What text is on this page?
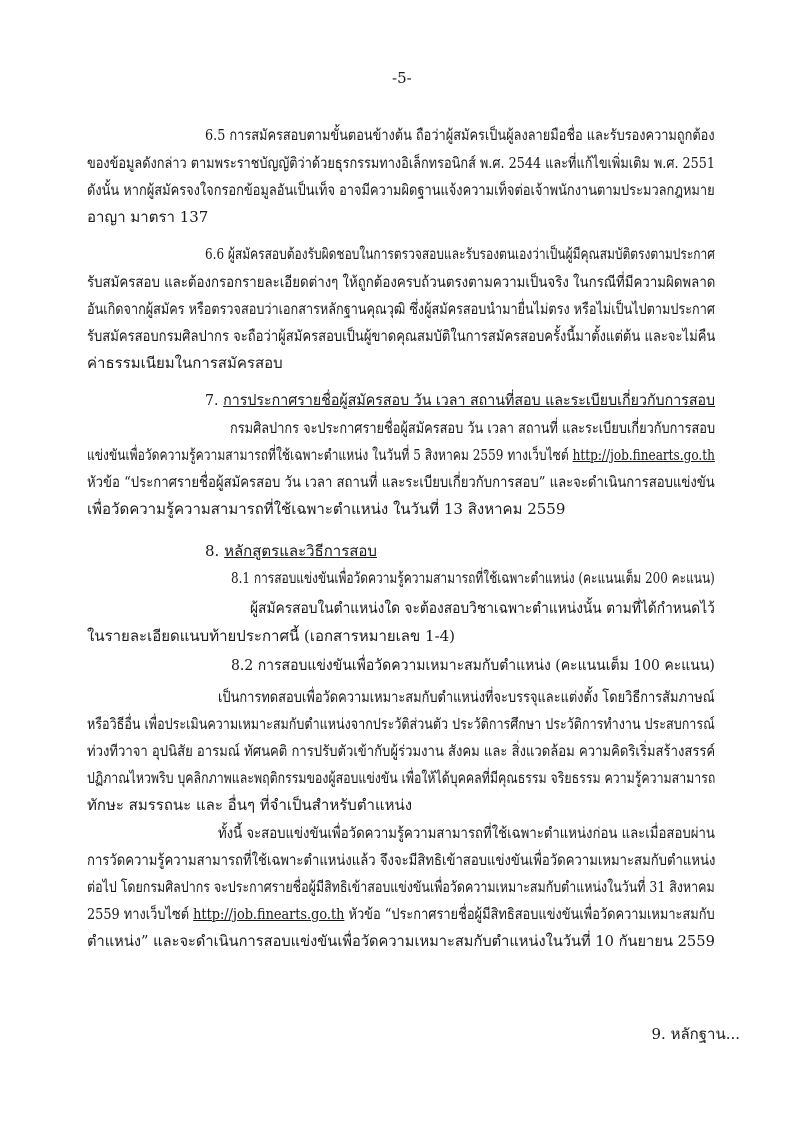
-5-
6.5 การสมัครสอบตามขั้นตอนข้างต้น ถือว่าผู้สมัครเป็นผู้ลงลายมือชื่อ และรับรองความถูกต้อง
ของข้อมูลดังกล่าว ตามพระราชบัญญัติว่าด้วยธุรกรรมทางอิเล็กทรอนิกส์ พ.ศ. 2544 และที่แก้ไขเพิ่มเติม พ.ศ. 2551
ดังนั้น หากผู้สมัครจงใจกรอกข้อมูลอันเป็นเท็จ อาจมีความผิดฐานแจ้งความเท็จต่อเจ้าพนักงานตามประมวลกฎหมาย
อาญา มาตรา 137
6.6 ผู้สมัครสอบต้องรับผิดชอบในการตรวจสอบและรับรองตนเองว่าเป็นผู้มีคุณสมบัติตรงตามประกาศ
รับสมัครสอบ และต้องกรอกรายละเอียดต่างๆ ให้ถูกต้องครบถ้วนตรงตามความเป็นจริง ในกรณีที่มีความผิดพลาด
อันเกิดจากผู้สมัคร หรือตรวจสอบว่าเอกสารหลักฐานคุณวุฒิ ซึ่งผู้สมัครสอบนำมายื่นไม่ตรง หรือไม่เป็นไปตามประกาศ
รับสมัครสอบกรมศิลปากร จะถือว่าผู้สมัครสอบเป็นผู้ขาดคุณสมบัติในการสมัครสอบครั้งนี้มาตั้งแต่ต้น และจะไม่คืน
ค่าธรรมเนียมในการสมัครสอบ
7. การประกาศรายชื่อผู้สมัครสอบ วัน เวลา สถานที่สอบ และระเบียบเกี่ยวกับการสอบ
กรมศิลปากร จะประกาศรายชื่อผู้สมัครสอบ วัน เวลา สถานที่ และระเบียบเกี่ยวกับการสอบ
แข่งขันเพื่อวัดความรู้ความสามารถที่ใช้เฉพาะตำแหน่ง ในวันที่ 5 สิงหาคม 2559 ทางเว็บไซต์ http://job.finearts.go.th
หัวข้อ “ประกาศรายชื่อผู้สมัครสอบ วัน เวลา สถานที่ และระเบียบเกี่ยวกับการสอบ” และจะดำเนินการสอบแข่งขัน
เพื่อวัดความรู้ความสามารถที่ใช้เฉพาะตำแหน่ง ในวันที่ 13 สิงหาคม 2559
8. หลักสูตรและวิธีการสอบ
8.1 การสอบแข่งขันเพื่อวัดความรู้ความสามารถที่ใช้เฉพาะตำแหน่ง (คะแนนเต็ม 200 คะแนน)
ผู้สมัครสอบในตำแหน่งใด จะต้องสอบวิชาเฉพาะตำแหน่งนั้น ตามที่ได้กำหนดไว้
ในรายละเอียดแนบท้ายประกาศนี้ (เอกสารหมายเลข 1-4)
8.2 การสอบแข่งขันเพื่อวัดความเหมาะสมกับตำแหน่ง (คะแนนเต็ม 100 คะแนน)
เป็นการทดสอบเพื่อวัดความเหมาะสมกับตำแหน่งที่จะบรรจุและแต่งตั้ง โดยวิธีการสัมภาษณ์
หรือวิธีอื่น เพื่อประเมินความเหมาะสมกับตำแหน่งจากประวัติส่วนตัว ประวัติการศึกษา ประวัติการทำงาน ประสบการณ์
ท่วงทีวาจา อุปนิสัย อารมณ์ ทัศนคติ การปรับตัวเข้ากับผู้ร่วมงาน สังคม และ สิ่งแวดล้อม ความคิดริเริ่มสร้างสรรค์
ปฏิภาณไหวพริบ บุคลิกภาพและพฤติกรรมของผู้สอบแข่งขัน เพื่อให้ได้บุคคลที่มีคุณธรรม จริยธรรม ความรู้ความสามารถ
ทักษะ สมรรถนะ และ อื่นๆ ที่จำเป็นสำหรับตำแหน่ง
ทั้งนี้ จะสอบแข่งขันเพื่อวัดความรู้ความสามารถที่ใช้เฉพาะตำแหน่งก่อน และเมื่อสอบผ่าน
การวัดความรู้ความสามารถที่ใช้เฉพาะตำแหน่งแล้ว จึงจะมีสิทธิเข้าสอบแข่งขันเพื่อวัดความเหมาะสมกับตำแหน่ง
ต่อไป โดยกรมศิลปากร จะประกาศรายชื่อผู้มีสิทธิเข้าสอบแข่งขันเพื่อวัดความเหมาะสมกับตำแหน่งในวันที่ 31 สิงหาคม
2559 ทางเว็บไซต์ http://job.finearts.go.th หัวข้อ “ประกาศรายชื่อผู้มีสิทธิสอบแข่งขันเพื่อวัดความเหมาะสมกับ
ตำแหน่ง” และจะดำเนินการสอบแข่งขันเพื่อวัดความเหมาะสมกับตำแหน่งในวันที่ 10 กันยายน 2559
9. หลักฐาน...
